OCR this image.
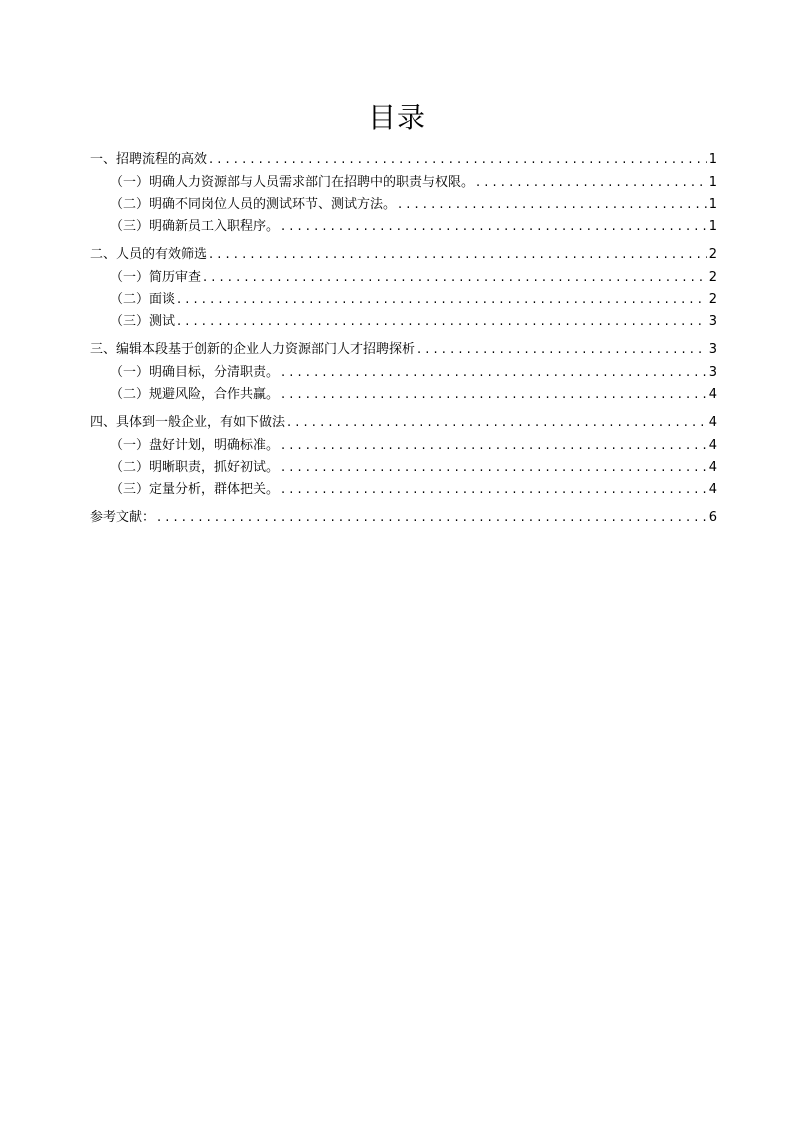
目录
一、招聘流程的高效 . . .	1
（一）明确人力资源部与人员需求部门在招聘中的职责与权限。 . . .	1
（二）明确不同岗位人员的测试环节、测试方法。 . . .	1
（三）明确新员工入职程序。 . . .	1
二、人员的有效筛选 . . .	2
（一）简历审查 . . .	2
（二）面谈 . . .	2
（三）测试 . . .	3
三、编辑本段基于创新的企业人力资源部门人才招聘探析 . . .	3
（一）明确目标，分清职责。 . . .	3
（二）规避风险，合作共赢。 . . .	4
四、具体到一般企业，有如下做法 . . .	4
（一）盘好计划，明确标准。 . . .	4
（二）明晰职责，抓好初试。 . . .	4
（三）定量分析，群体把关。 . . .	4
参考文献： . . .	6
